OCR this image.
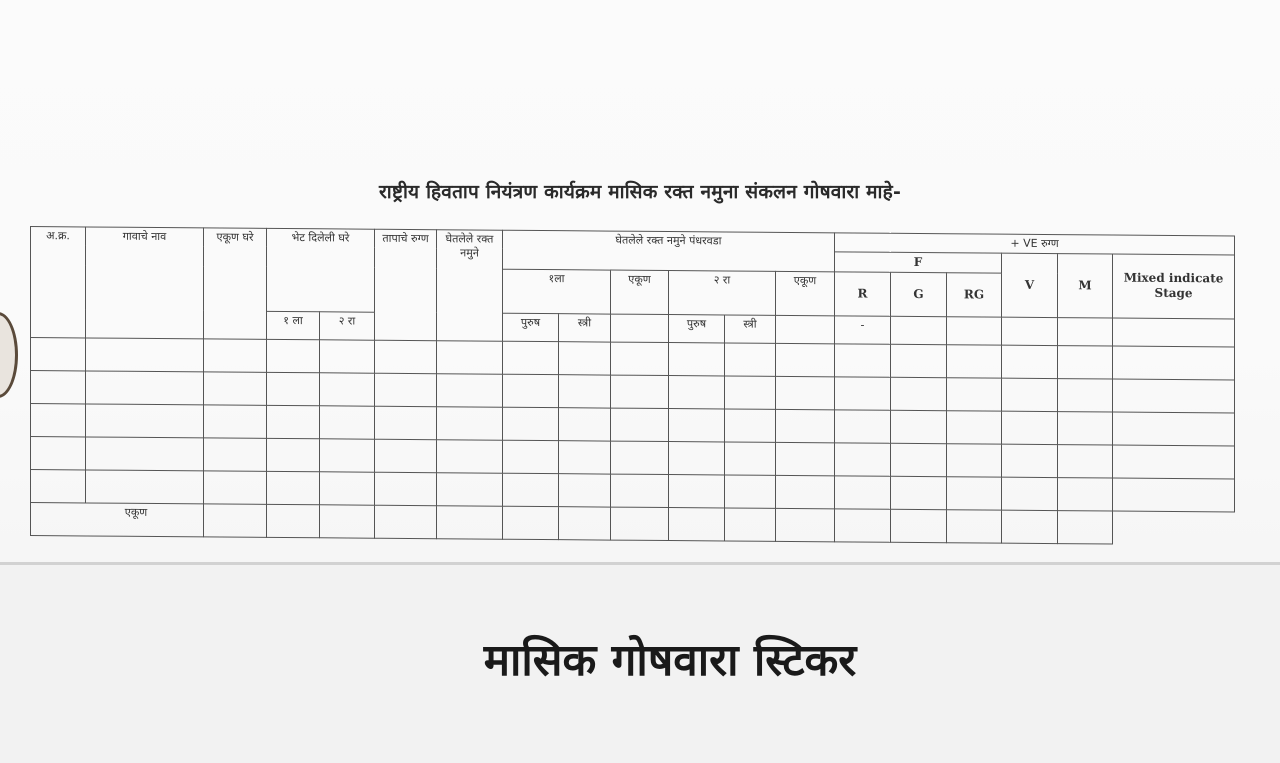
राष्ट्रीय हिवताप नियंत्रण कार्यक्रम मासिक रक्त नमुना संकलन गोषवारा माहे-
अ.क्र.	गावाचे नाव	एकूण घरे	भेट दिलेली घरे		तापाचे रुग्ण	घेतलेले रक्त नमुने	घेतलेले रक्त नमुने पंधरवडा						+ VE रुग्ण					
													F			V	M	Mixed indicate Stage
							१ला		एकूण	२ रा		एकूण	R	G	RG			
			१ ला	२ रा			पुरुष	स्त्री		पुरुष	स्त्री		-					

एकूण																		
मासिक गोषवारा स्टिकर
